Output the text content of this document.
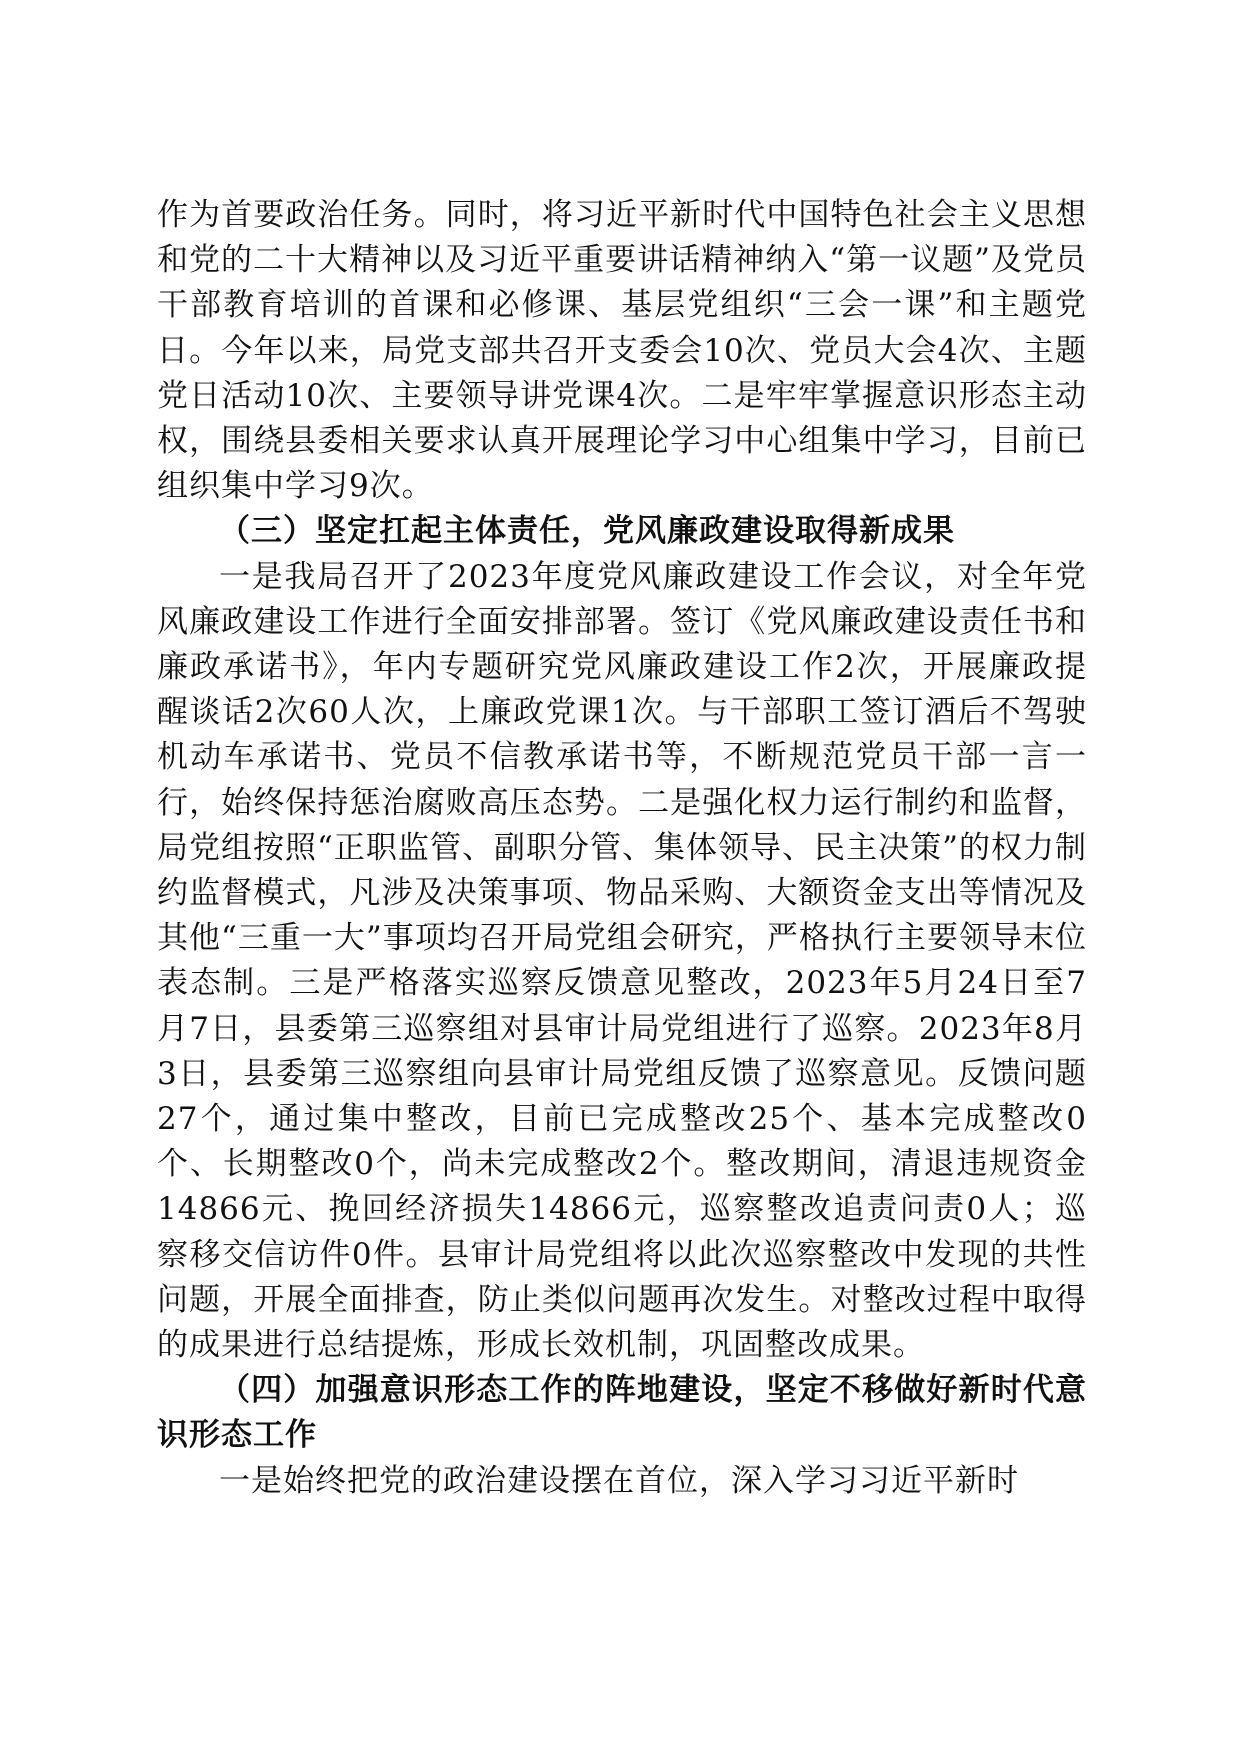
作为首要政治任务。同时，将习近平新时代中国特色社会主义思想和党的二十大精神以及习近平重要讲话精神纳入“第一议题”及党员干部教育培训的首课和必修课、基层党组织“三会一课”和主题党日。今年以来，局党支部共召开支委会10次、党员大会4次、主题党日活动10次、主要领导讲党课4次。二是牢牢掌握意识形态主动权，围绕县委相关要求认真开展理论学习中心组集中学习，目前已组织集中学习9次。

（三）坚定扛起主体责任，党风廉政建设取得新成果

一是我局召开了2023年度党风廉政建设工作会议，对全年党风廉政建设工作进行全面安排部署。签订《党风廉政建设责任书和廉政承诺书》，年内专题研究党风廉政建设工作2次，开展廉政提醒谈话2次60人次，上廉政党课1次。与干部职工签订酒后不驾驶机动车承诺书、党员不信教承诺书等，不断规范党员干部一言一行，始终保持惩治腐败高压态势。二是强化权力运行制约和监督，局党组按照“正职监管、副职分管、集体领导、民主决策”的权力制约监督模式，凡涉及决策事项、物品采购、大额资金支出等情况及其他“三重一大”事项均召开局党组会研究，严格执行主要领导末位表态制。三是严格落实巡察反馈意见整改，2023年5月24日至7月7日，县委第三巡察组对县审计局党组进行了巡察。2023年8月3日，县委第三巡察组向县审计局党组反馈了巡察意见。反馈问题27个，通过集中整改，目前已完成整改25个、基本完成整改0个、长期整改0个，尚未完成整改2个。整改期间，清退违规资金14866元、挽回经济损失14866元，巡察整改追责问责0人；巡察移交信访件0件。县审计局党组将以此次巡察整改中发现的共性问题，开展全面排查，防止类似问题再次发生。对整改过程中取得的成果进行总结提炼，形成长效机制，巩固整改成果。

（四）加强意识形态工作的阵地建设，坚定不移做好新时代意识形态工作

一是始终把党的政治建设摆在首位，深入学习习近平新时
